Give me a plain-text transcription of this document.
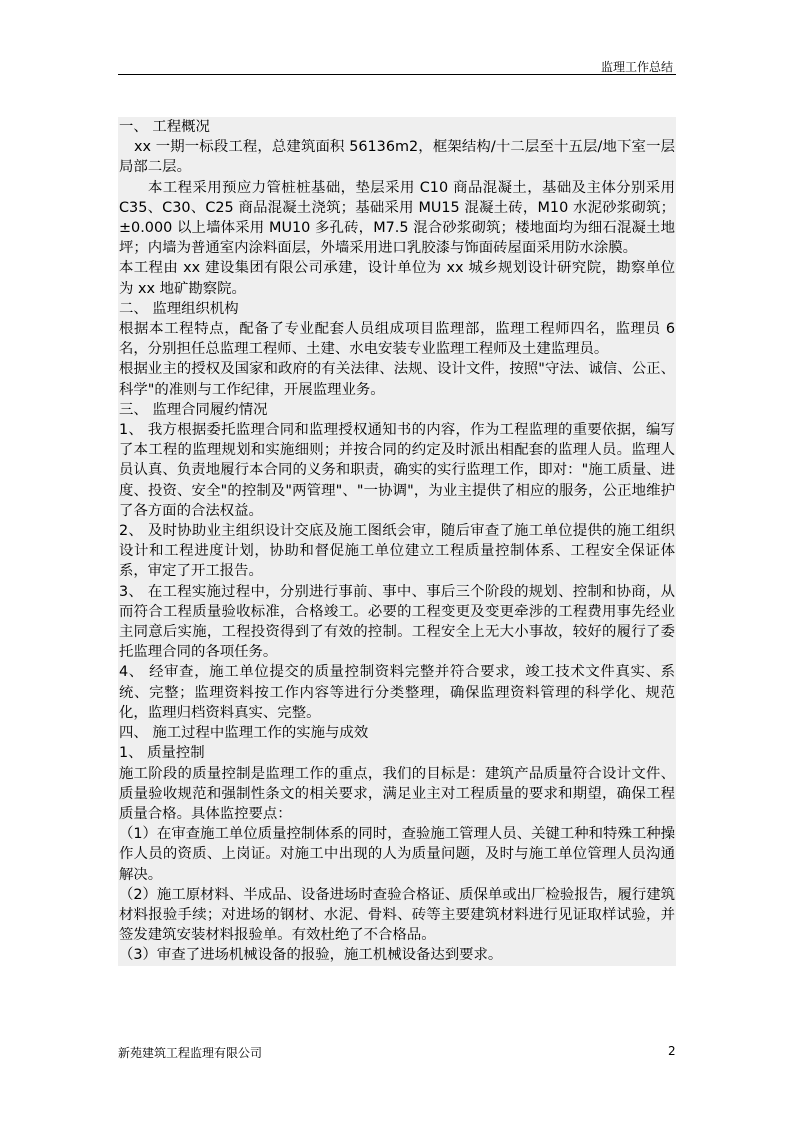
监理工作总结

一、 工程概况

xx 一期一标段工程，总建筑面积 56136m2，框架结构/十二层至十五层/地下室一层局部二层。

本工程采用预应力管桩桩基础，垫层采用 C10 商品混凝土，基础及主体分别采用 C35、C30、C25 商品混凝土浇筑；基础采用 MU15 混凝土砖，M10 水泥砂浆砌筑；±0.000 以上墙体采用 MU10 多孔砖，M7.5 混合砂浆砌筑；楼地面均为细石混凝土地坪；内墙为普通室内涂料面层，外墙采用进口乳胶漆与饰面砖屋面采用防水涂膜。

本工程由 xx 建设集团有限公司承建，设计单位为 xx 城乡规划设计研究院，勘察单位为 xx 地矿勘察院。

二、 监理组织机构

根据本工程特点，配备了专业配套人员组成项目监理部，监理工程师四名，监理员 6 名，分别担任总监理工程师、土建、水电安装专业监理工程师及土建监理员。

根据业主的授权及国家和政府的有关法律、法规、设计文件，按照"守法、诚信、公正、科学"的准则与工作纪律，开展监理业务。

三、 监理合同履约情况

1、 我方根据委托监理合同和监理授权通知书的内容，作为工程监理的重要依据，编写了本工程的监理规划和实施细则；并按合同的约定及时派出相配套的监理人员。监理人员认真、负责地履行本合同的义务和职责，确实的实行监理工作，即对："施工质量、进度、投资、安全"的控制及"两管理"、"一协调"，为业主提供了相应的服务，公正地维护了各方面的合法权益。

2、 及时协助业主组织设计交底及施工图纸会审，随后审查了施工单位提供的施工组织设计和工程进度计划，协助和督促施工单位建立工程质量控制体系、工程安全保证体系，审定了开工报告。

3、 在工程实施过程中，分别进行事前、事中、事后三个阶段的规划、控制和协商，从而符合工程质量验收标准，合格竣工。必要的工程变更及变更牵涉的工程费用事先经业主同意后实施，工程投资得到了有效的控制。工程安全上无大小事故，较好的履行了委托监理合同的各项任务。

4、 经审查，施工单位提交的质量控制资料完整并符合要求，竣工技术文件真实、系统、完整；监理资料按工作内容等进行分类整理，确保监理资料管理的科学化、规范化，监理归档资料真实、完整。

四、 施工过程中监理工作的实施与成效

1、 质量控制

施工阶段的质量控制是监理工作的重点，我们的目标是：建筑产品质量符合设计文件、质量验收规范和强制性条文的相关要求，满足业主对工程质量的要求和期望，确保工程质量合格。具体监控要点：

（1）在审查施工单位质量控制体系的同时，查验施工管理人员、关键工种和特殊工种操作人员的资质、上岗证。对施工中出现的人为质量问题，及时与施工单位管理人员沟通解决。

（2）施工原材料、半成品、设备进场时查验合格证、质保单或出厂检验报告，履行建筑材料报验手续；对进场的钢材、水泥、骨料、砖等主要建筑材料进行见证取样试验，并签发建筑安装材料报验单。有效杜绝了不合格品。

（3）审查了进场机械设备的报验，施工机械设备达到要求。

新苑建筑工程监理有限公司	2
